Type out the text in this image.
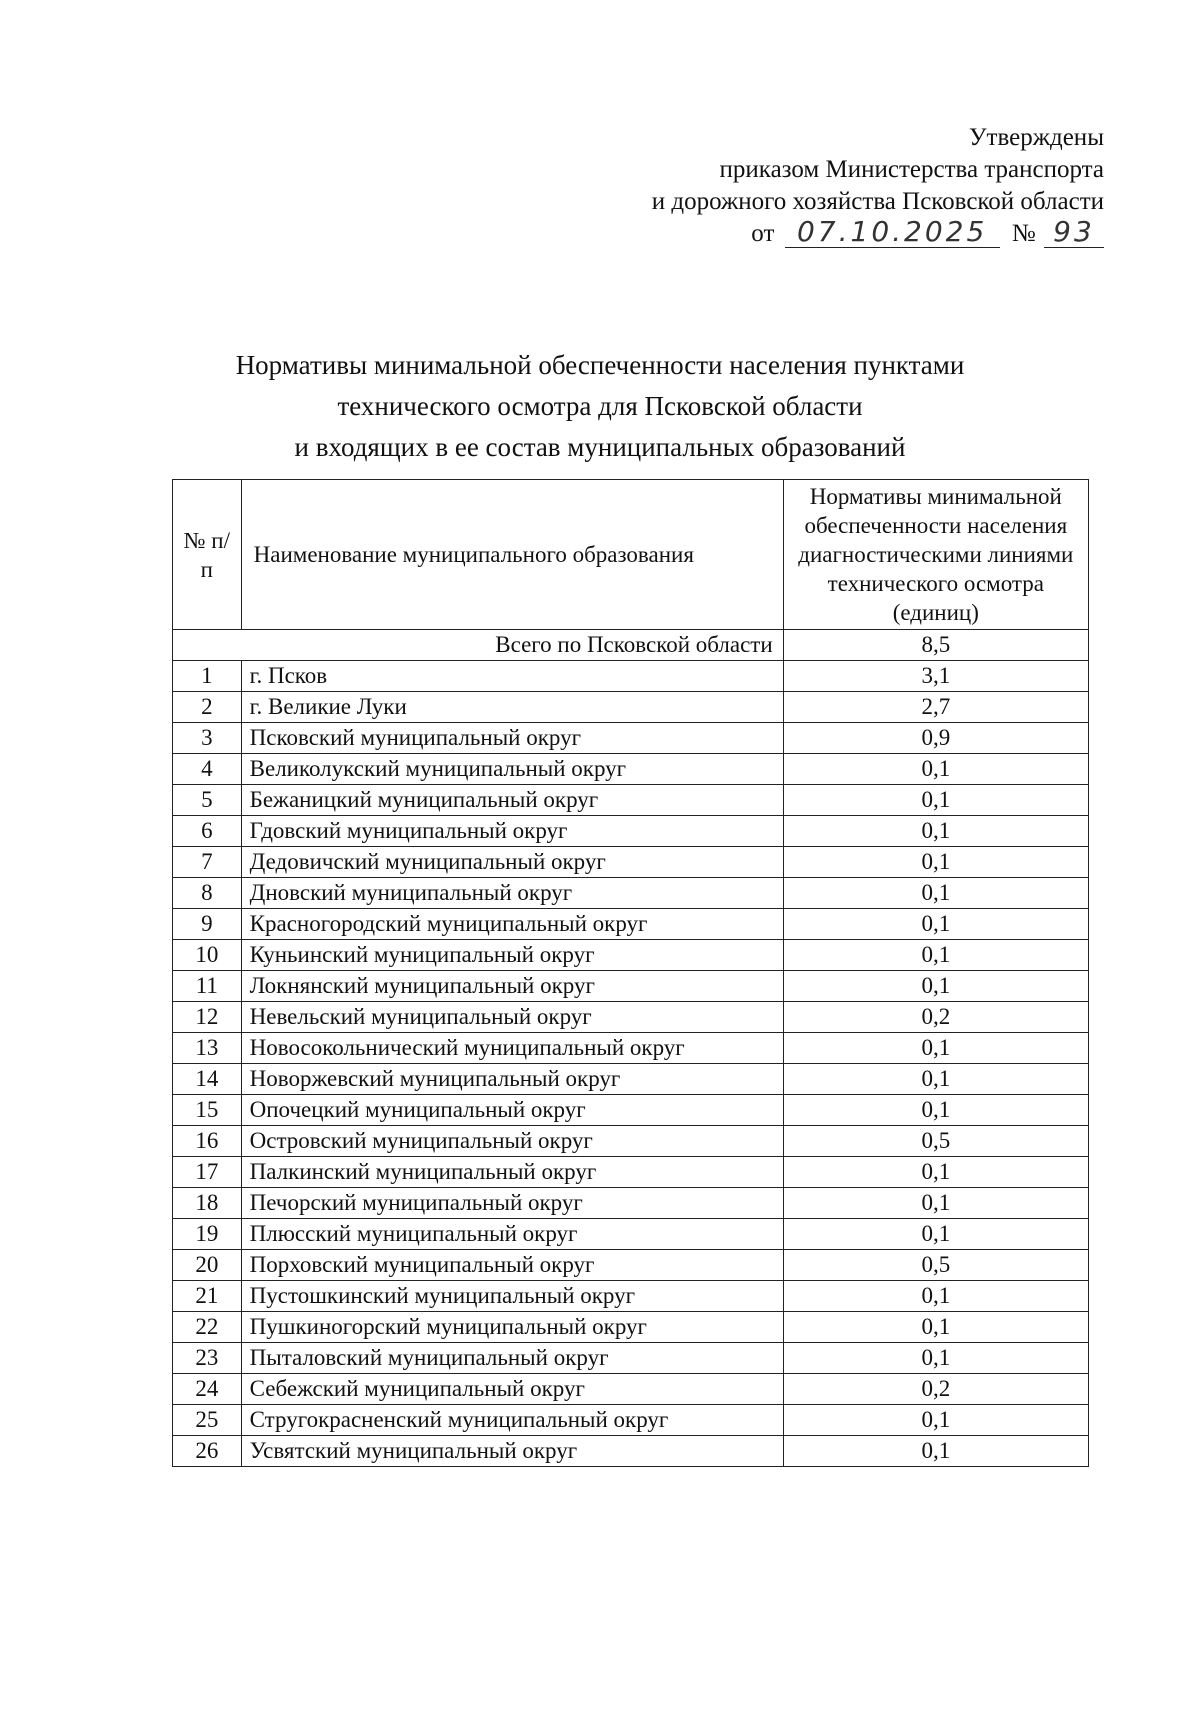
Утверждены
приказом Министерства транспорта
и дорожного хозяйства Псковской области
от 07.10.2025 № 93
Нормативы минимальной обеспеченности населения пунктами
технического осмотра для Псковской области
и входящих в ее состав муниципальных образований
№ п/п	Наименование муниципального образования	Нормативы минимальной обеспеченности населения диагностическими линиями технического осмотра (единиц)
Всего по Псковской области		8,5
1	г. Псков	3,1
2	г. Великие Луки	2,7
3	Псковский муниципальный округ	0,9
4	Великолукский муниципальный округ	0,1
5	Бежаницкий муниципальный округ	0,1
6	Гдовский муниципальный округ	0,1
7	Дедовичский муниципальный округ	0,1
8	Дновский муниципальный округ	0,1
9	Красногородский муниципальный округ	0,1
10	Куньинский муниципальный округ	0,1
11	Локнянский муниципальный округ	0,1
12	Невельский муниципальный округ	0,2
13	Новосокольнический муниципальный округ	0,1
14	Новоржевский муниципальный округ	0,1
15	Опочецкий муниципальный округ	0,1
16	Островский муниципальный округ	0,5
17	Палкинский муниципальный округ	0,1
18	Печорский муниципальный округ	0,1
19	Плюсский муниципальный округ	0,1
20	Порховский муниципальный округ	0,5
21	Пустошкинский муниципальный округ	0,1
22	Пушкиногорский муниципальный округ	0,1
23	Пыталовский муниципальный округ	0,1
24	Себежский муниципальный округ	0,2
25	Стругокрасненский муниципальный округ	0,1
26	Усвятский муниципальный округ	0,1
